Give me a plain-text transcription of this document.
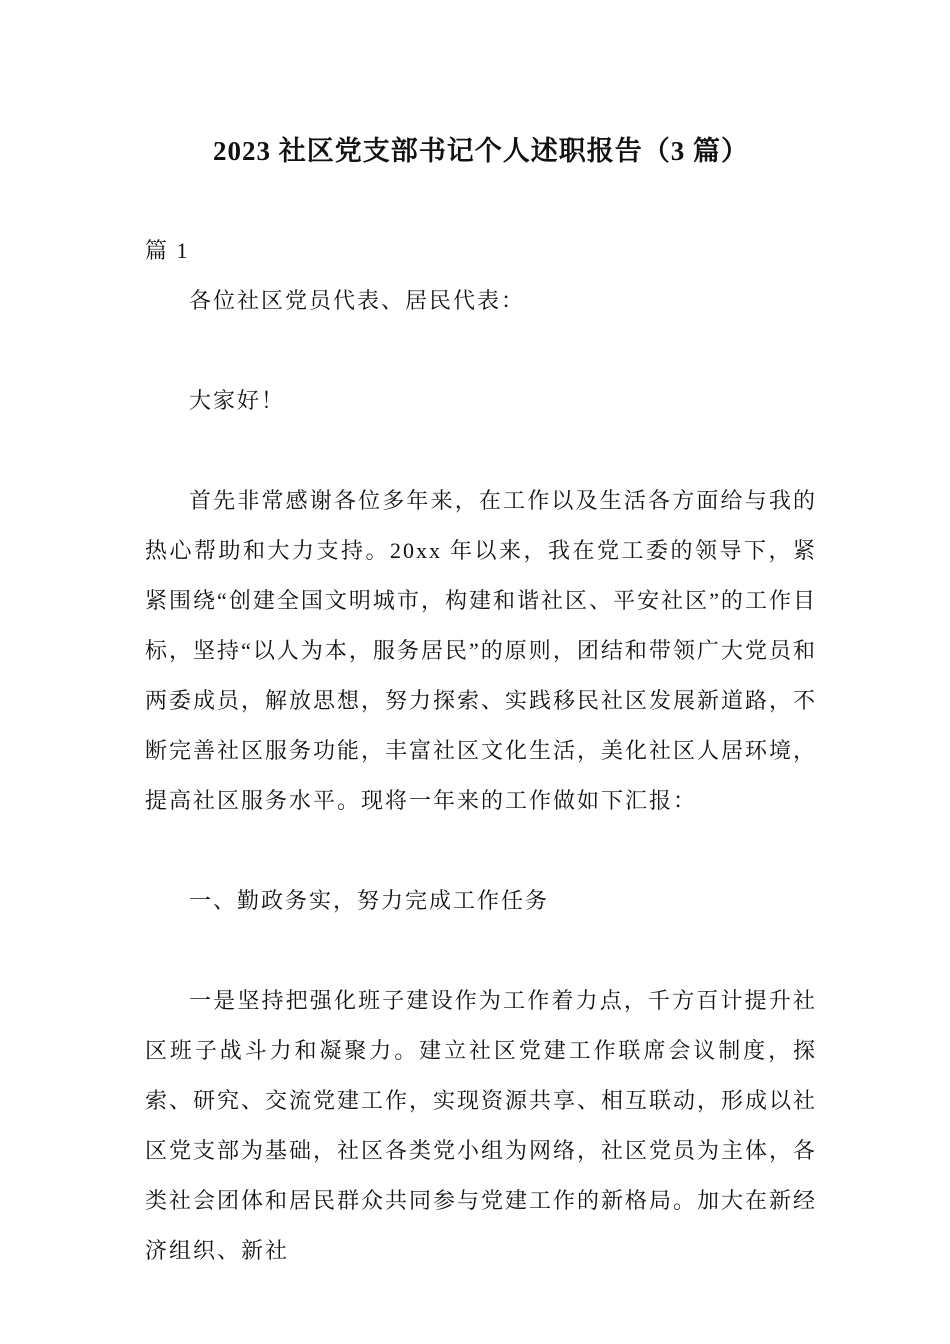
2023 社区党支部书记个人述职报告（3 篇）

篇 1

各位社区党员代表、居民代表：

大家好！

首先非常感谢各位多年来，在工作以及生活各方面给与我的热心帮助和大力支持。20xx 年以来，我在党工委的领导下，紧紧围绕“创建全国文明城市，构建和谐社区、平安社区”的工作目标，坚持“以人为本，服务居民”的原则，团结和带领广大党员和两委成员，解放思想，努力探索、实践移民社区发展新道路，不断完善社区服务功能，丰富社区文化生活，美化社区人居环境，提高社区服务水平。现将一年来的工作做如下汇报：

一、勤政务实，努力完成工作任务

一是坚持把强化班子建设作为工作着力点，千方百计提升社区班子战斗力和凝聚力。建立社区党建工作联席会议制度，探索、研究、交流党建工作，实现资源共享、相互联动，形成以社区党支部为基础，社区各类党小组为网络，社区党员为主体，各类社会团体和居民群众共同参与党建工作的新格局。加大在新经济组织、新社
